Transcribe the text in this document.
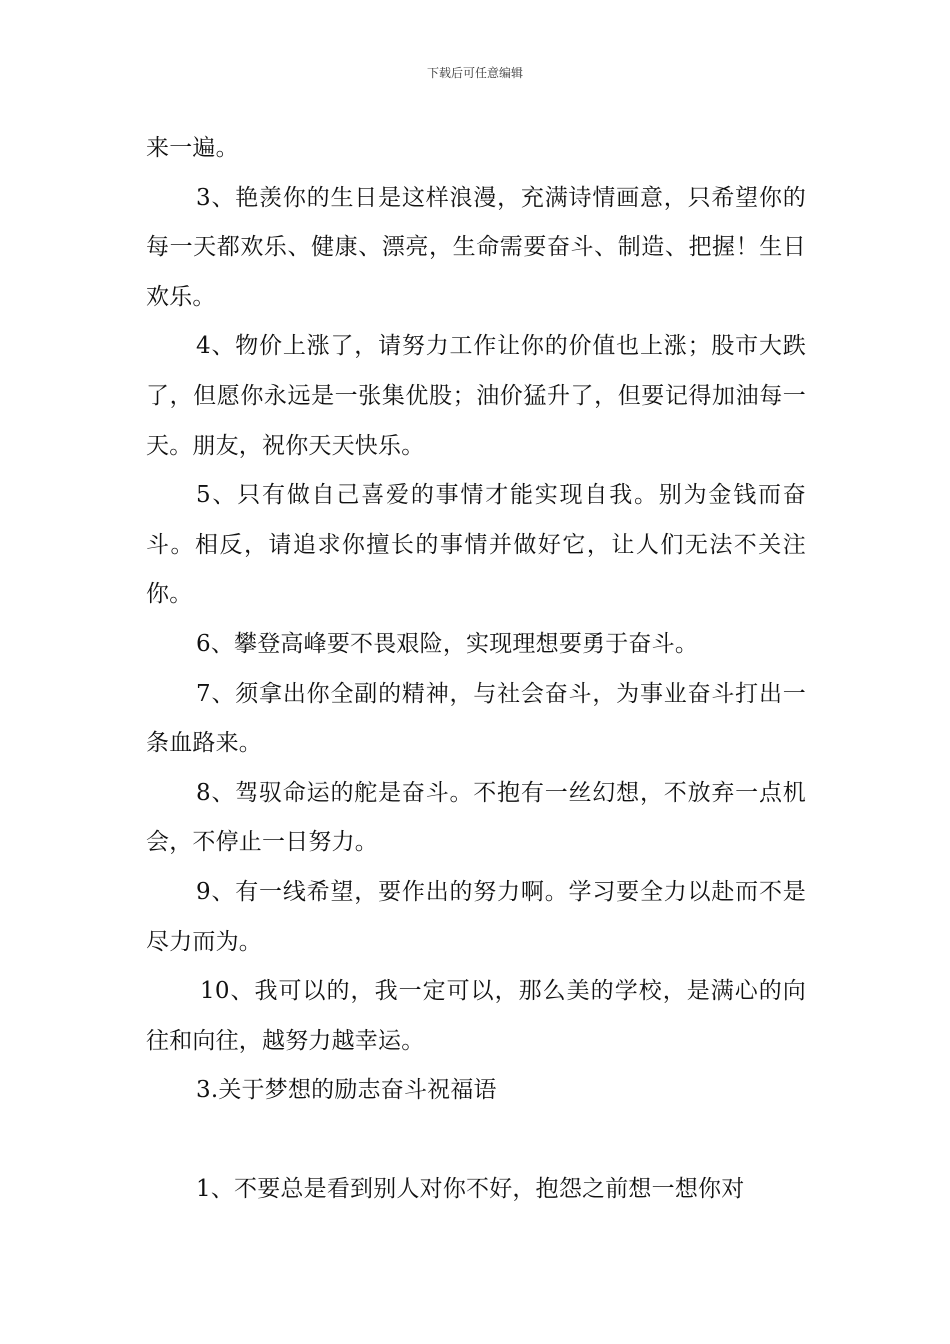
下载后可任意编辑

来一遍。

3、艳羡你的生日是这样浪漫，充满诗情画意，只希望你的每一天都欢乐、健康、漂亮，生命需要奋斗、制造、把握！生日欢乐。

4、物价上涨了，请努力工作让你的价值也上涨；股市大跌了，但愿你永远是一张集优股；油价猛升了，但要记得加油每一天。朋友，祝你天天快乐。

5、只有做自己喜爱的事情才能实现自我。别为金钱而奋斗。相反，请追求你擅长的事情并做好它，让人们无法不关注你。

6、攀登高峰要不畏艰险，实现理想要勇于奋斗。

7、须拿出你全副的精神，与社会奋斗，为事业奋斗打出一条血路来。

8、驾驭命运的舵是奋斗。不抱有一丝幻想，不放弃一点机会，不停止一日努力。

9、有一线希望，要作出的努力啊。学习要全力以赴而不是尽力而为。

10、我可以的，我一定可以，那么美的学校，是满心的向往和向往，越努力越幸运。

3.关于梦想的励志奋斗祝福语

1、不要总是看到别人对你不好，抱怨之前想一想你对
